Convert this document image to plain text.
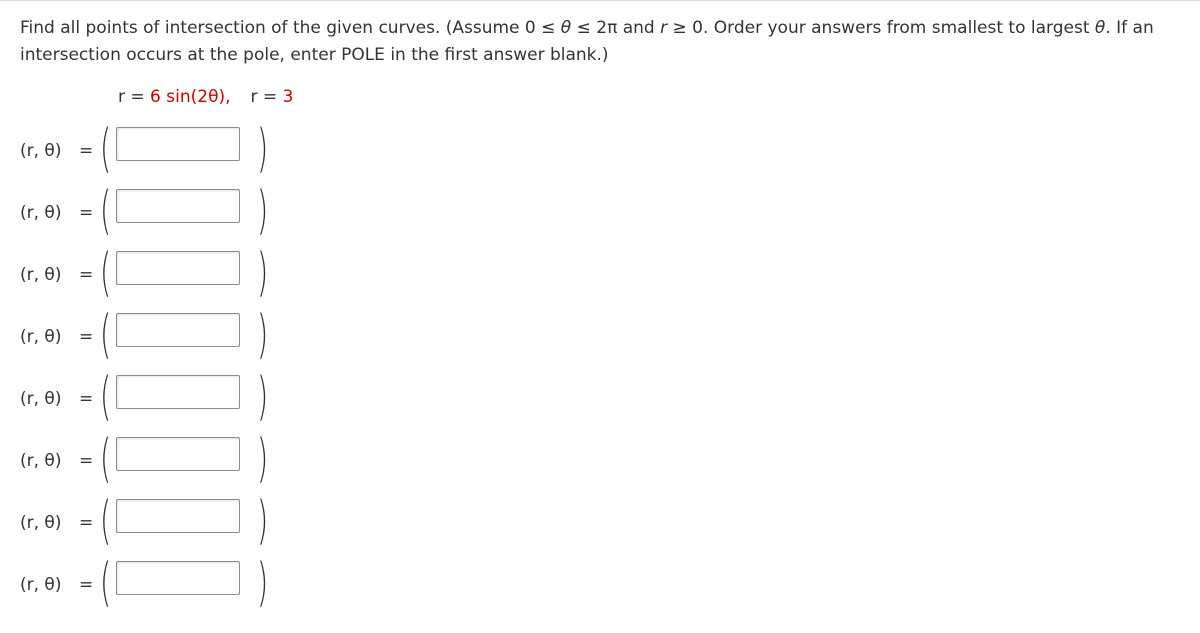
Find all points of intersection of the given curves. (Assume 0 ≤ θ ≤ 2π and r ≥ 0. Order your answers from smallest to largest θ. If an intersection occurs at the pole, enter POLE in the first answer blank.)
r = 6 sin(2θ), r = 3
(r, θ) = (	)
(r, θ) = (	)
(r, θ) = (	)
(r, θ) = (	)
(r, θ) = (	)
(r, θ) = (	)
(r, θ) = (	)
(r, θ) = (	)
